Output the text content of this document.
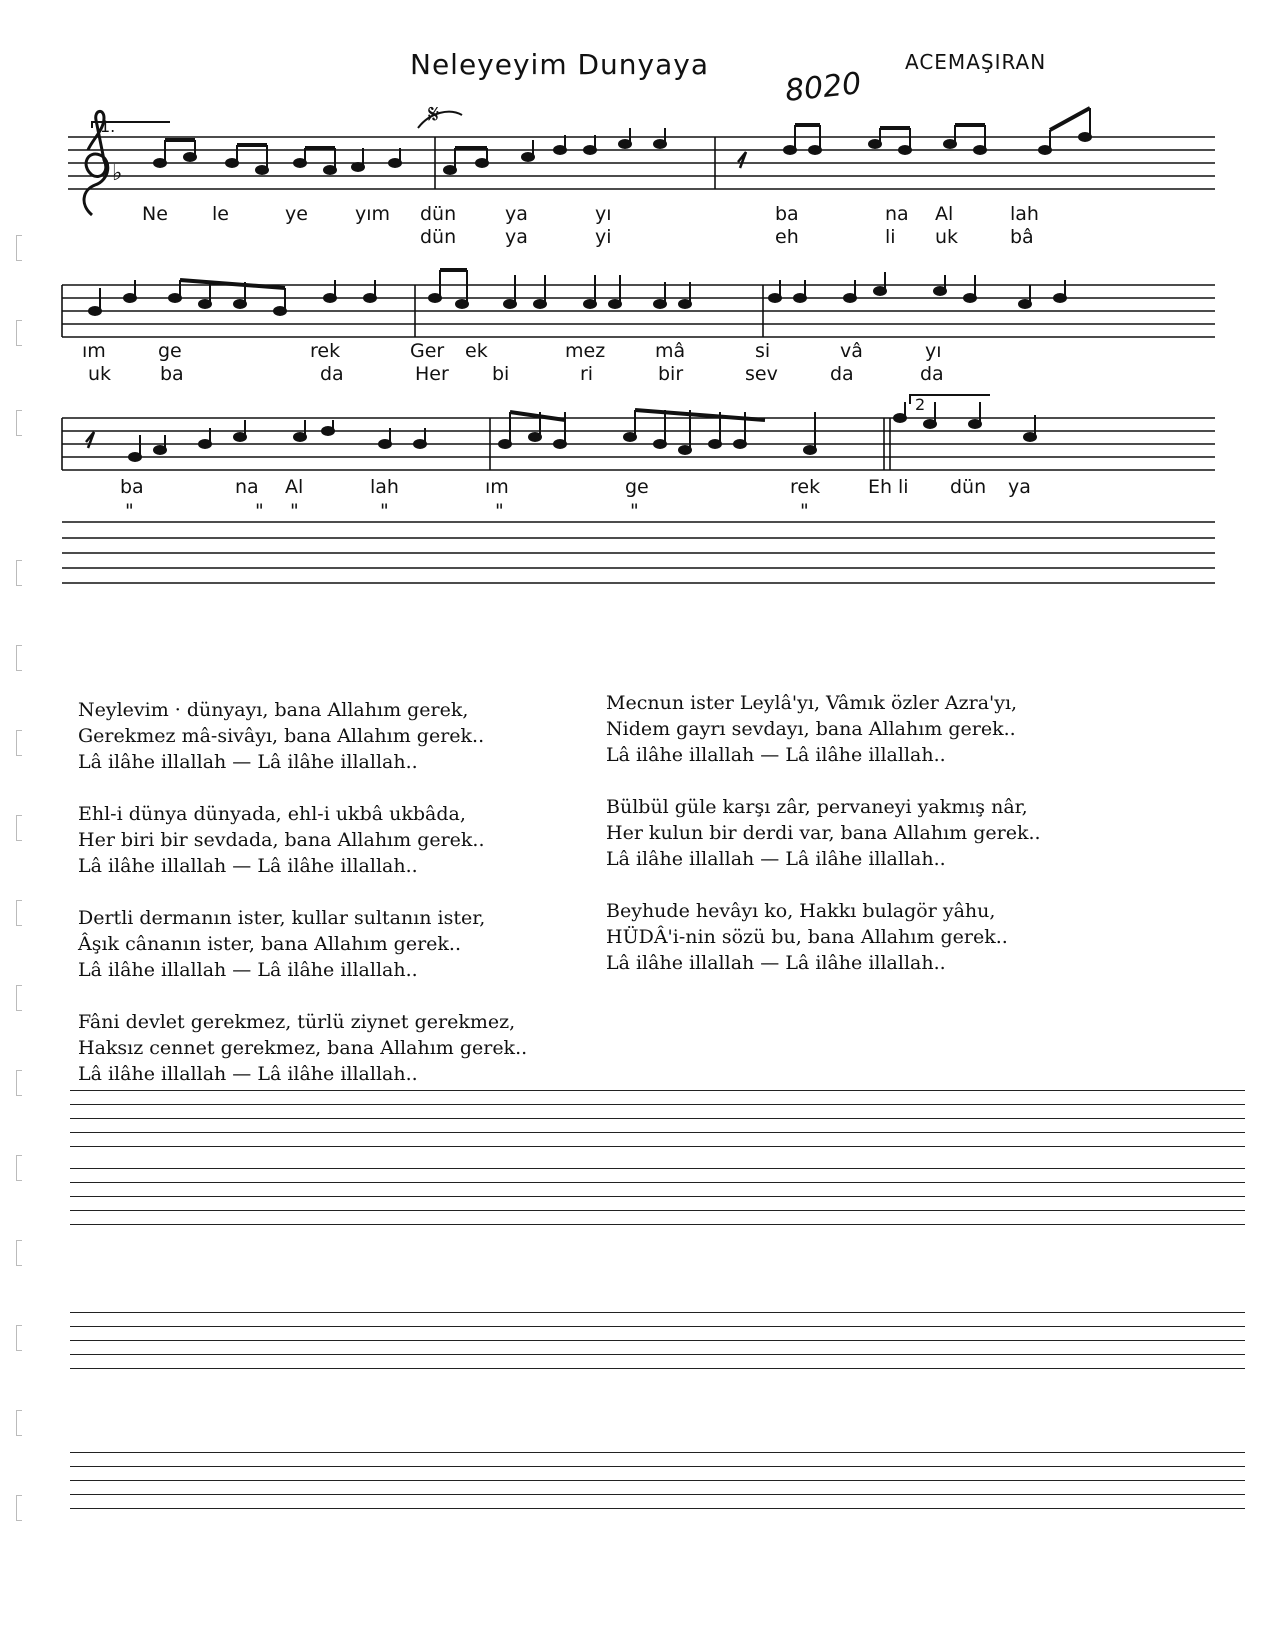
Neleyeyim Dunyaya
8020
ACEMAŞIRAN
♭
1.
2
𝄋
Ne le	ye yım dün	ya	yı	ba	na Al	lah
dün	ya	yi	eh	li uk	bâ
ım	ge	rek	Ger ek	mez	mâ	si	vâ	yı
uk	ba	da	Her bi	ri	bir	sev	da	da
ba	na Al	lah	ım	ge	rek	Eh li dün ya
"	" "	"	"	"	"
Neylevim · dünyayı, bana Allahım gerek,
Gerekmez mâ-sivâyı, bana Allahım gerek..
Lâ ilâhe illallah — Lâ ilâhe illallah..
Ehl-i dünya dünyada, ehl-i ukbâ ukbâda,
Her biri bir sevdada, bana Allahım gerek..
Lâ ilâhe illallah — Lâ ilâhe illallah..
Dertli dermanın ister, kullar sultanın ister,
Âşık cânanın ister, bana Allahım gerek..
Lâ ilâhe illallah — Lâ ilâhe illallah..
Fâni devlet gerekmez, türlü ziynet gerekmez,
Haksız cennet gerekmez, bana Allahım gerek..
Lâ ilâhe illallah — Lâ ilâhe illallah..
Mecnun ister Leylâ'yı, Vâmık özler Azra'yı,
Nidem gayrı sevdayı, bana Allahım gerek..
Lâ ilâhe illallah — Lâ ilâhe illallah..
Bülbül güle karşı zâr, pervaneyi yakmış nâr,
Her kulun bir derdi var, bana Allahım gerek..
Lâ ilâhe illallah — Lâ ilâhe illallah..
Beyhude hevâyı ko, Hakkı bulagör yâhu,
HÜDÂ'i-nin sözü bu, bana Allahım gerek..
Lâ ilâhe illallah — Lâ ilâhe illallah..
